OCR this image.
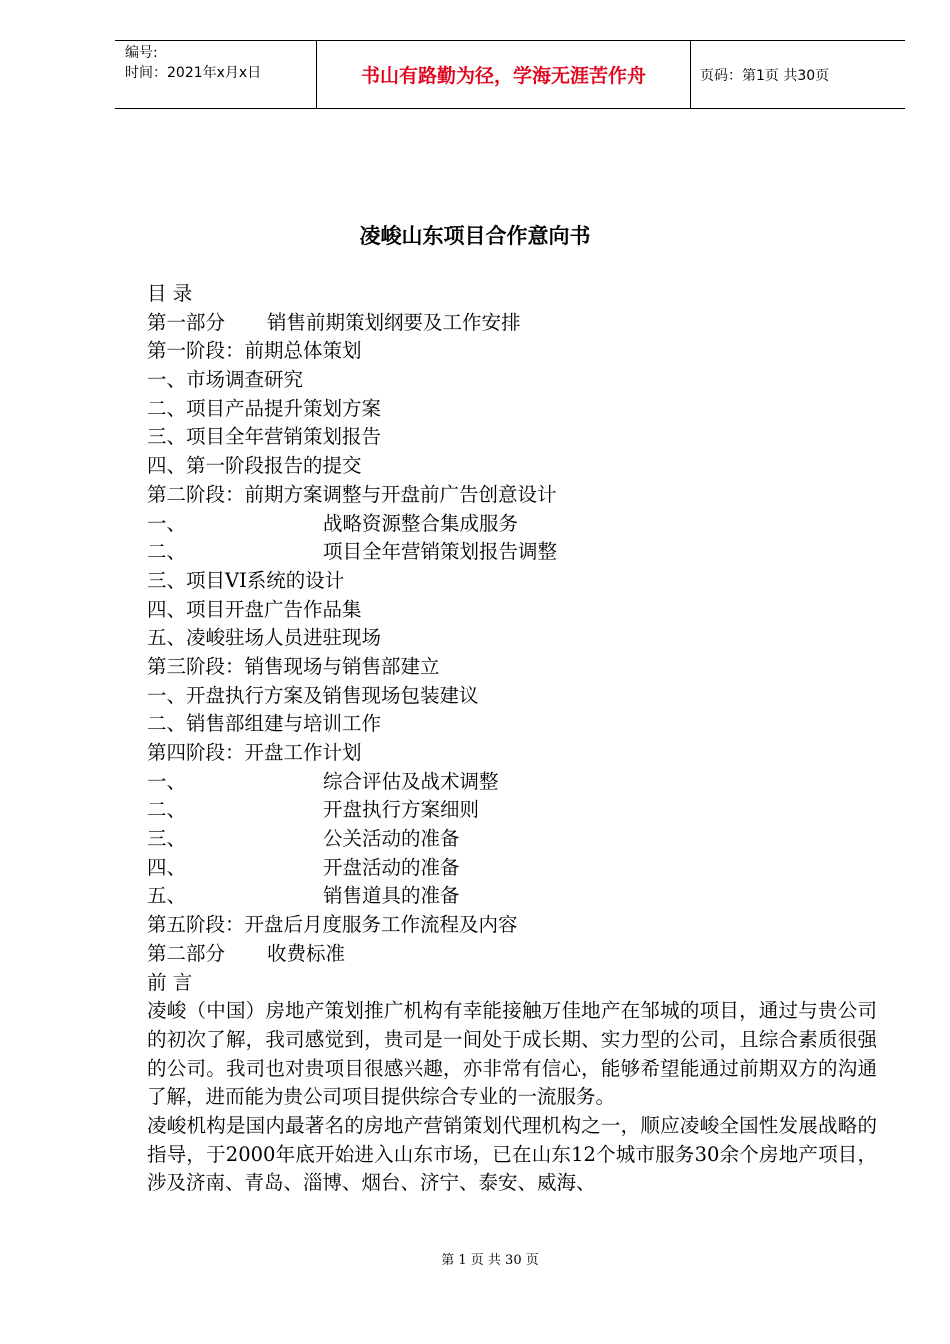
编号:
时间：2021年x月x日	书山有路勤为径，学海无涯苦作舟	页码：第1页 共30页
凌峻山东项目合作意向书
目 录
第一部分 销售前期策划纲要及工作安排
第一阶段：前期总体策划
一、市场调查研究
二、项目产品提升策划方案
三、项目全年营销策划报告
四、第一阶段报告的提交
第二阶段：前期方案调整与开盘前广告创意设计
一、	战略资源整合集成服务
二、	项目全年营销策划报告调整
三、项目VI系统的设计
四、项目开盘广告作品集
五、凌峻驻场人员进驻现场
第三阶段：销售现场与销售部建立
一、开盘执行方案及销售现场包装建议
二、销售部组建与培训工作
第四阶段：开盘工作计划
一、	综合评估及战术调整
二、	开盘执行方案细则
三、	公关活动的准备
四、	开盘活动的准备
五、	销售道具的准备
第五阶段：开盘后月度服务工作流程及内容
第二部分 收费标准
前 言
凌峻（中国）房地产策划推广机构有幸能接触万佳地产在邹城的项目，通过与贵公司的初次了解，我司感觉到，贵司是一间处于成长期、实力型的公司，且综合素质很强的公司。我司也对贵项目很感兴趣，亦非常有信心，能够希望能通过前期双方的沟通了解，进而能为贵公司项目提供综合专业的一流服务。
凌峻机构是国内最著名的房地产营销策划代理机构之一，顺应凌峻全国性发展战略的指导，于2000年底开始进入山东市场，已在山东12个城市服务30余个房地产项目，涉及济南、青岛、淄博、烟台、济宁、泰安、威海、
第 1 页 共 30 页
